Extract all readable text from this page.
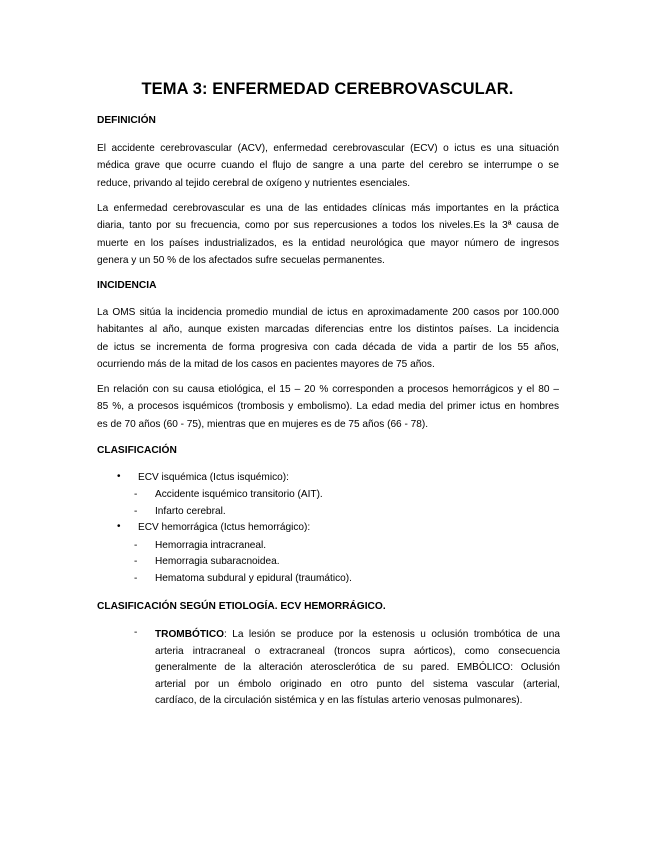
TEMA 3: ENFERMEDAD CEREBROVASCULAR.
DEFINICIÓN
El accidente cerebrovascular (ACV), enfermedad cerebrovascular (ECV) o ictus es una situación
médica grave que ocurre cuando el flujo de sangre a una parte del cerebro se interrumpe o se
reduce, privando al tejido cerebral de oxígeno y nutrientes esenciales.
La enfermedad cerebrovascular es una de las entidades clínicas más importantes en la práctica
diaria, tanto por su frecuencia, como por sus repercusiones a todos los niveles.Es la 3ª causa de
muerte en los países industrializados, es la entidad neurológica que mayor número de ingresos
genera y un 50 % de los afectados sufre secuelas permanentes.
INCIDENCIA
La OMS sitúa la incidencia promedio mundial de ictus en aproximadamente 200 casos por 100.000
habitantes al año, aunque existen marcadas diferencias entre los distintos países. La incidencia
de ictus se incrementa de forma progresiva con cada década de vida a partir de los 55 años,
ocurriendo más de la mitad de los casos en pacientes mayores de 75 años.
En relación con su causa etiológica, el 15 – 20 % corresponden a procesos hemorrágicos y el 80 –
85 %, a procesos isquémicos (trombosis y embolismo). La edad media del primer ictus en hombres
es de 70 años (60 - 75), mientras que en mujeres es de 75 años (66 - 78).
CLASIFICACIÓN
• ECV isquémica (Ictus isquémico):
- Accidente isquémico transitorio (AIT).
- Infarto cerebral.
• ECV hemorrágica (Ictus hemorrágico):
- Hemorragia intracraneal.
- Hemorragia subaracnoidea.
- Hematoma subdural y epidural (traumático).
CLASIFICACIÓN SEGÚN ETIOLOGÍA. ECV HEMORRÁGICO.
- TROMBÓTICO: La lesión se produce por la estenosis u oclusión trombótica de una
arteria intracraneal o extracraneal (troncos supra aórticos), como consecuencia
generalmente de la alteración aterosclerótica de su pared. EMBÓLICO: Oclusión
arterial por un émbolo originado en otro punto del sistema vascular (arterial,
cardíaco, de la circulación sistémica y en las fístulas arterio venosas pulmonares).
